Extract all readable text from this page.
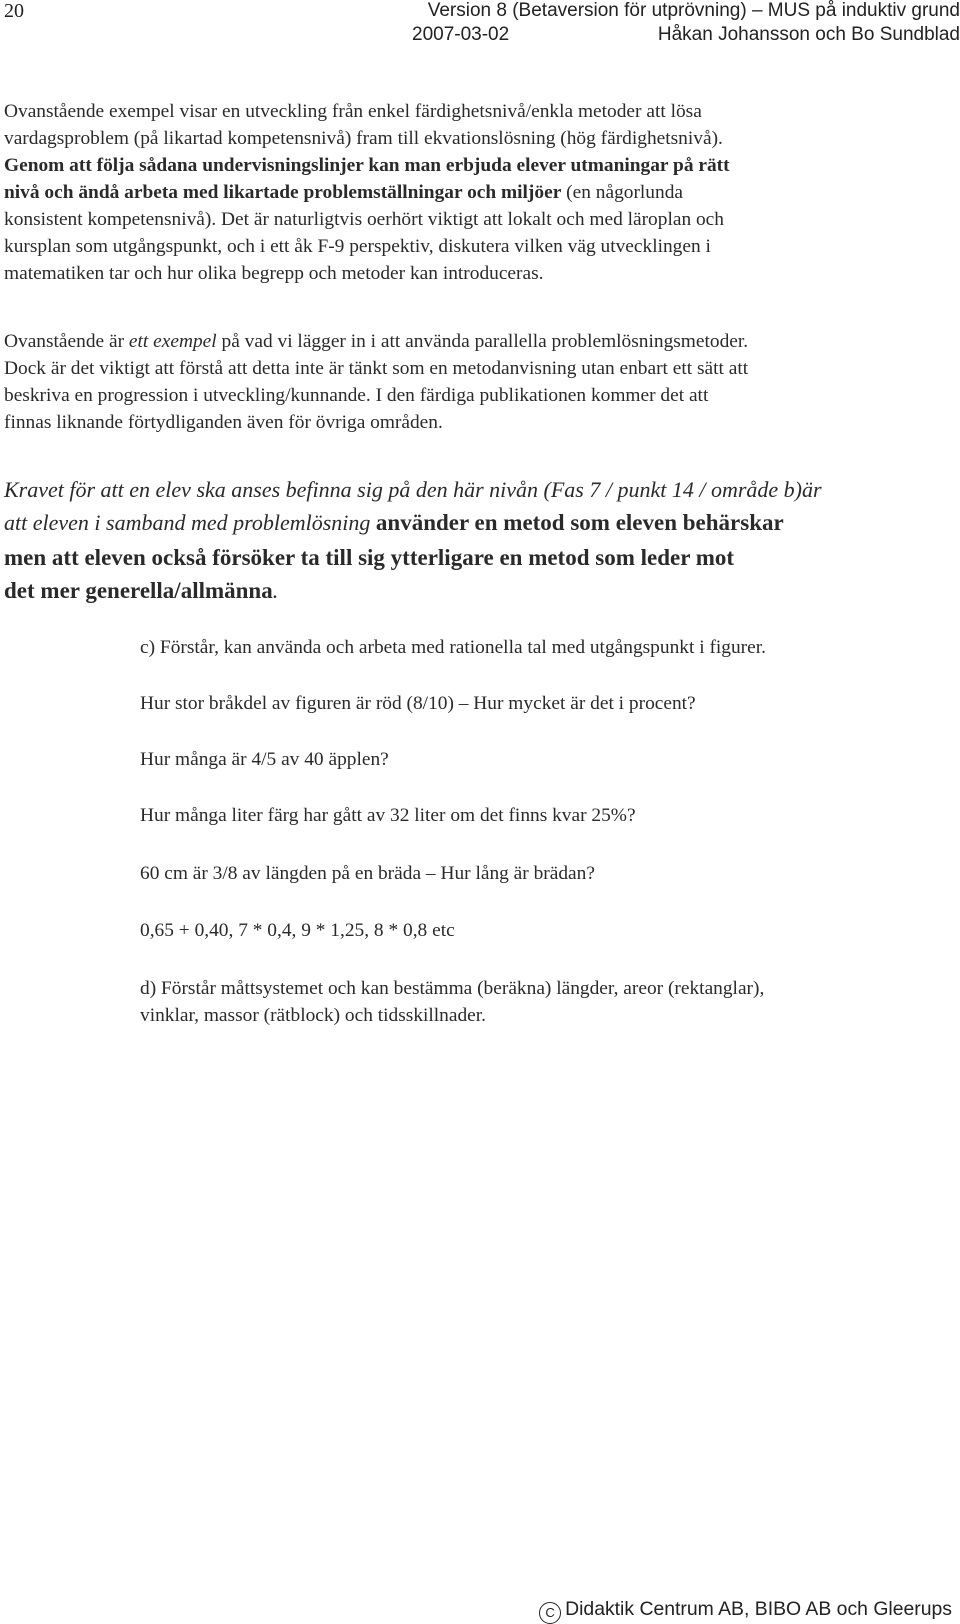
20	Version 8 (Betaversion för utprövning) – MUS på induktiv grund
2007-03-02	Håkan Johansson och Bo Sundblad
Ovanstående exempel visar en utveckling från enkel färdighetsnivå/enkla metoder att lösa
vardagsproblem (på likartad kompetensnivå) fram till ekvationslösning (hög färdighetsnivå).
Genom att följa sådana undervisningslinjer kan man erbjuda elever utmaningar på rätt
nivå och ändå arbeta med likartade problemställningar och miljöer (en någorlunda
konsistent kompetensnivå). Det är naturligtvis oerhört viktigt att lokalt och med läroplan och
kursplan som utgångspunkt, och i ett åk F-9 perspektiv, diskutera vilken väg utvecklingen i
matematiken tar och hur olika begrepp och metoder kan introduceras.
Ovanstående är ett exempel på vad vi lägger in i att använda parallella problemlösningsmetoder.
Dock är det viktigt att förstå att detta inte är tänkt som en metodanvisning utan enbart ett sätt att
beskriva en progression i utveckling/kunnande. I den färdiga publikationen kommer det att
finnas liknande förtydliganden även för övriga områden.
Kravet för att en elev ska anses befinna sig på den här nivån (Fas 7 / punkt 14 / område b)är
att eleven i samband med problemlösning använder en metod som eleven behärskar
men att eleven också försöker ta till sig ytterligare en metod som leder mot
det mer generella/allmänna.
c) Förstår, kan använda och arbeta med rationella tal med utgångspunkt i figurer.
Hur stor bråkdel av figuren är röd (8/10) – Hur mycket är det i procent?
Hur många är 4/5 av 40 äpplen?
Hur många liter färg har gått av 32 liter om det finns kvar 25%?
60 cm är 3/8 av längden på en bräda – Hur lång är brädan?
0,65 + 0,40, 7 * 0,4, 9 * 1,25, 8 * 0,8 etc
d) Förstår måttsystemet och kan bestämma (beräkna) längder, areor (rektanglar),
vinklar, massor (rätblock) och tidsskillnader.
C Didaktik Centrum AB, BIBO AB och Gleerups
